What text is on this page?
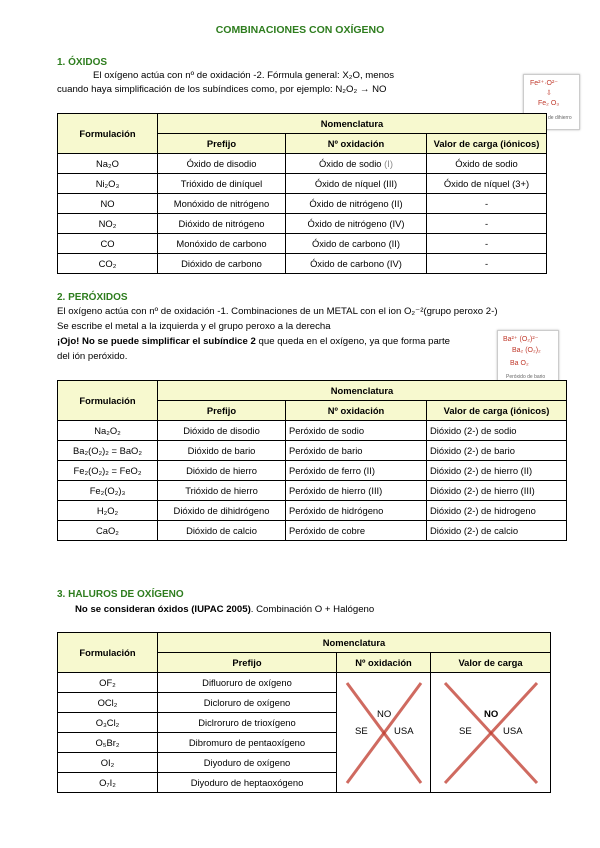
COMBINACIONES CON OXÍGENO
1. ÓXIDOS
El oxígeno actúa con nº de oxidación -2. Fórmula general: X₂O, menos
cuando haya simplificación de los subíndices como, por ejemplo: N₂O₂ → NO
Fe²⁺·O²⁻
⇩
Fe₂ O₃
Trióxido de dihierro
Formulación	Nomenclatura		
	Prefijo	Nº oxidación	Valor de carga (iónicos)
Na₂O	Óxido de disodio	Óxido de sodio (I)	Óxido de sodio
Ni₂O₃	Trióxido de diníquel	Óxido de níquel (III)	Óxido de níquel (3+)
NO	Monóxido de nitrógeno	Óxido de nitrógeno (II)	-
NO₂	Dióxido de nitrógeno	Óxido de nitrógeno (IV)	-
CO	Monóxido de carbono	Óxido de carbono (II)	-
CO₂	Dióxido de carbono	Óxido de carbono (IV)	-
2. PERÓXIDOS
El oxígeno actúa con nº de oxidación -1. Combinaciones de un METAL con el ion O₂⁻²(grupo peroxo 2-)
Se escribe el metal a la izquierda y el grupo peroxo a la derecha
¡Ojo! No se puede simplificar el subíndice 2 que queda en el oxígeno, ya que forma parte
del ión peróxido.
Ba²⁺ (O₂)²⁻
Ba₂ (O₂)₂
Ba O₂
Peróxido de bario
Formulación	Nomenclatura		
	Prefijo	Nº oxidación	Valor de carga (iónicos)
Na₂O₂	Dióxido de disodio	Peróxido de sodio	Dióxido (2-) de sodio
Ba₂(O₂)₂ = BaO₂	Dióxido de bario	Peróxido de bario	Dióxido (2-) de bario
Fe₂(O₂)₂ = FeO₂	Dióxido de hierro	Peróxido de ferro (II)	Dióxido (2-) de hierro (II)
Fe₂(O₂)₃	Trióxido de hierro	Peróxido de hierro (III)	Dióxido (2-) de hierro (III)
H₂O₂	Dióxido de dihidrógeno	Peróxido de hidrógeno	Dióxido (2-) de hidrogeno
CaO₂	Dióxido de calcio	Peróxido de cobre	Dióxido (2-) de calcio
3. HALUROS DE OXÍGENO
No se consideran óxidos (IUPAC 2005). Combinación O + Halógeno
Formulación	Nomenclatura		
	Prefijo	Nº oxidación	Valor de carga
OF₂	Difluoruro de oxígeno	NO
SE USA	NO
SE USA

OCl₂	Dicloruro de oxígeno		
O₃Cl₂	Diclroruro de trioxígeno		
O₅Br₂	Dibromuro de pentaoxígeno		
OI₂	Diyoduro de oxígeno		
O₇I₂	Diyoduro de heptaoxógeno		
